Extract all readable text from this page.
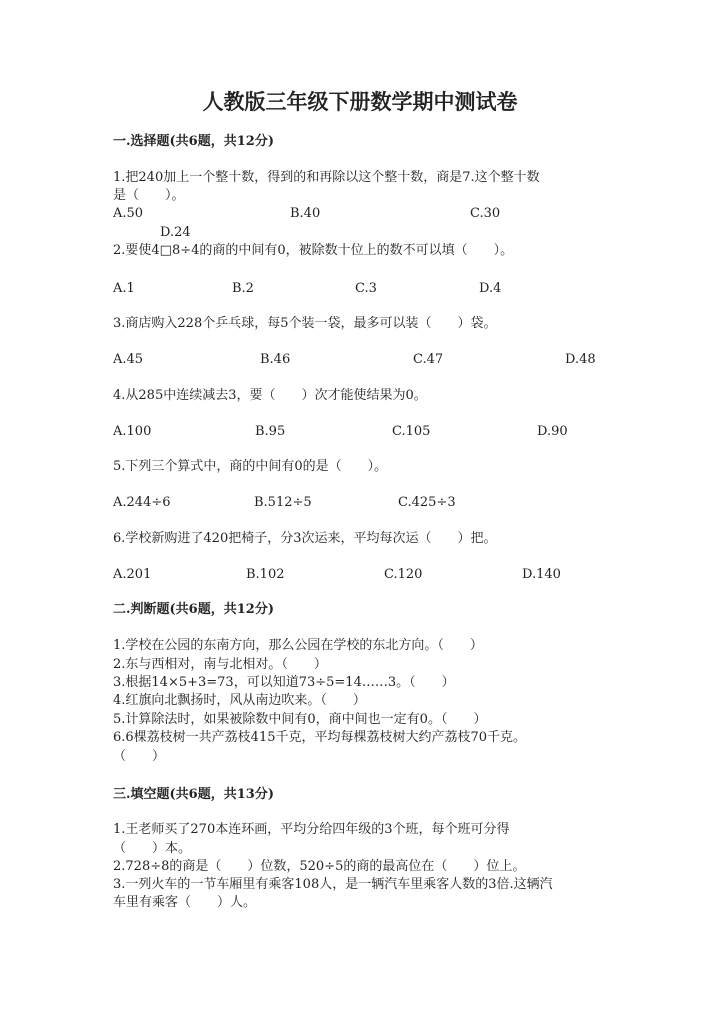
人教版三年级下册数学期中测试卷
一.选择题(共6题，共12分)
1.把240加上一个整十数，得到的和再除以这个整十数，商是7.这个整十数
是（　　）。
A.50	B.40	C.30
D.24
2.要使4□8÷4的商的中间有0，被除数十位上的数不可以填（　　）。
A.1	B.2	C.3	D.4
3.商店购入228个乒乓球，每5个装一袋，最多可以装（　　）袋。
A.45	B.46	C.47	D.48
4.从285中连续减去3，要（　　）次才能使结果为0。
A.100	B.95	C.105	D.90
5.下列三个算式中，商的中间有0的是（　　）。
A.244÷6	B.512÷5	C.425÷3
6.学校新购进了420把椅子，分3次运来，平均每次运（　　）把。
A.201	B.102	C.120	D.140
二.判断题(共6题，共12分)
1.学校在公园的东南方向，那么公园在学校的东北方向。（　　）
2.东与西相对，南与北相对。（　　）
3.根据14×5+3=73，可以知道73÷5=14……3。（　　）
4.红旗向北飘扬时，风从南边吹来。（　　）
5.计算除法时，如果被除数中间有0，商中间也一定有0。（　　）
6.6棵荔枝树一共产荔枝415千克，平均每棵荔枝树大约产荔枝70千克。
（　　）
三.填空题(共6题，共13分)
1.王老师买了270本连环画，平均分给四年级的3个班，每个班可分得
（　　）本。
2.728÷8的商是（　　）位数，520÷5的商的最高位在（　　）位上。
3.一列火车的一节车厢里有乘客108人，是一辆汽车里乘客人数的3倍.这辆汽
车里有乘客（　　）人。
